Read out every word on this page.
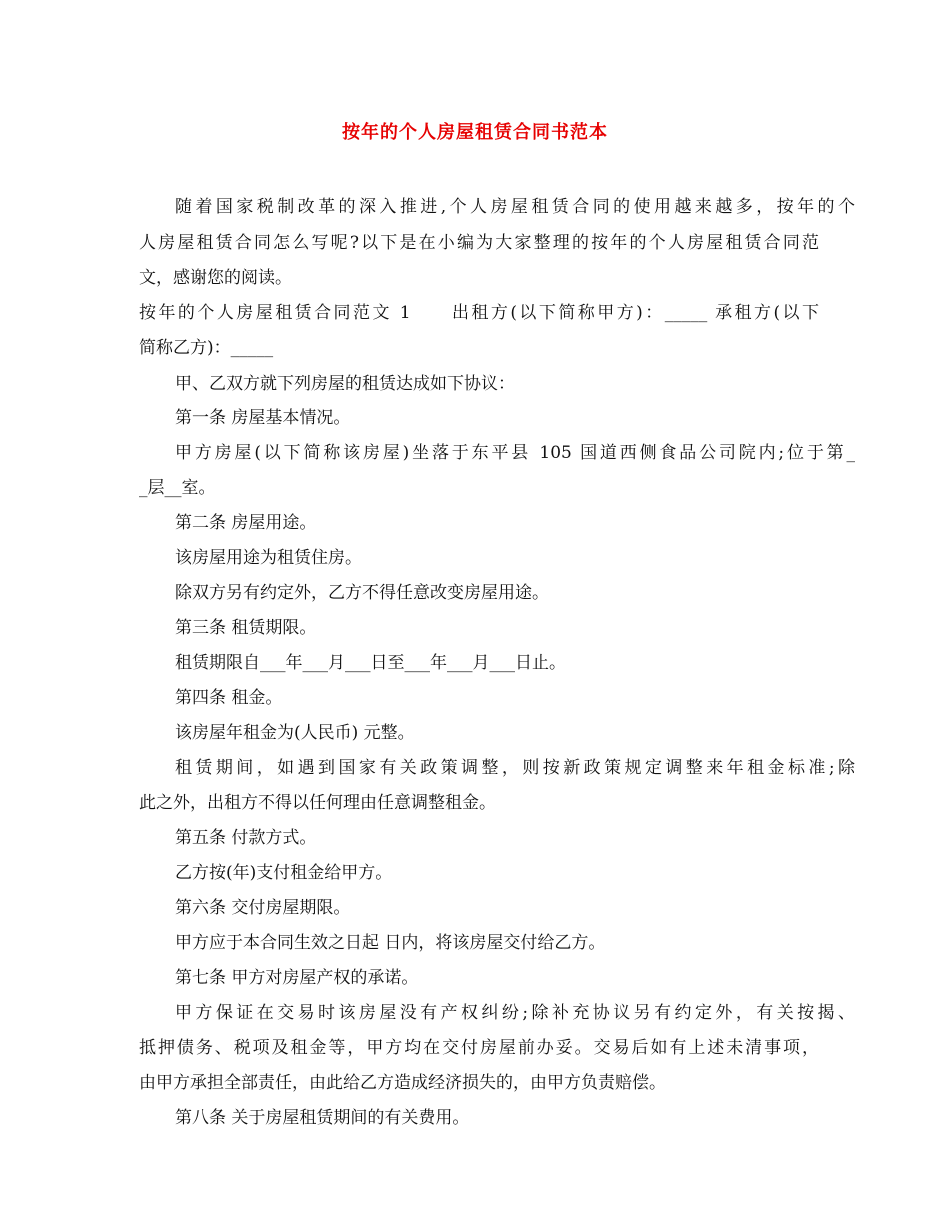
按年的个人房屋租赁合同书范本
随着国家税制改革的深入推进,个人房屋租赁合同的使用越来越多，按年的个
人房屋租赁合同怎么写呢?以下是在小编为大家整理的按年的个人房屋租赁合同范
文，感谢您的阅读。
按年的个人房屋租赁合同范文 1　　出租方(以下简称甲方)：_____ 承租方(以下
简称乙方)：_____
甲、乙双方就下列房屋的租赁达成如下协议：
第一条 房屋基本情况。
甲方房屋(以下简称该房屋)坐落于东平县 105 国道西侧食品公司院内;位于第_
_层__室。
第二条 房屋用途。
该房屋用途为租赁住房。
除双方另有约定外，乙方不得任意改变房屋用途。
第三条 租赁期限。
租赁期限自___年___月___日至___年___月___日止。
第四条 租金。
该房屋年租金为(人民币) 元整。
租赁期间，如遇到国家有关政策调整，则按新政策规定调整来年租金标准;除
此之外，出租方不得以任何理由任意调整租金。
第五条 付款方式。
乙方按(年)支付租金给甲方。
第六条 交付房屋期限。
甲方应于本合同生效之日起 日内，将该房屋交付给乙方。
第七条 甲方对房屋产权的承诺。
甲方保证在交易时该房屋没有产权纠纷;除补充协议另有约定外，有关按揭、
抵押债务、税项及租金等，甲方均在交付房屋前办妥。交易后如有上述未清事项，
由甲方承担全部责任，由此给乙方造成经济损失的，由甲方负责赔偿。
第八条 关于房屋租赁期间的有关费用。
